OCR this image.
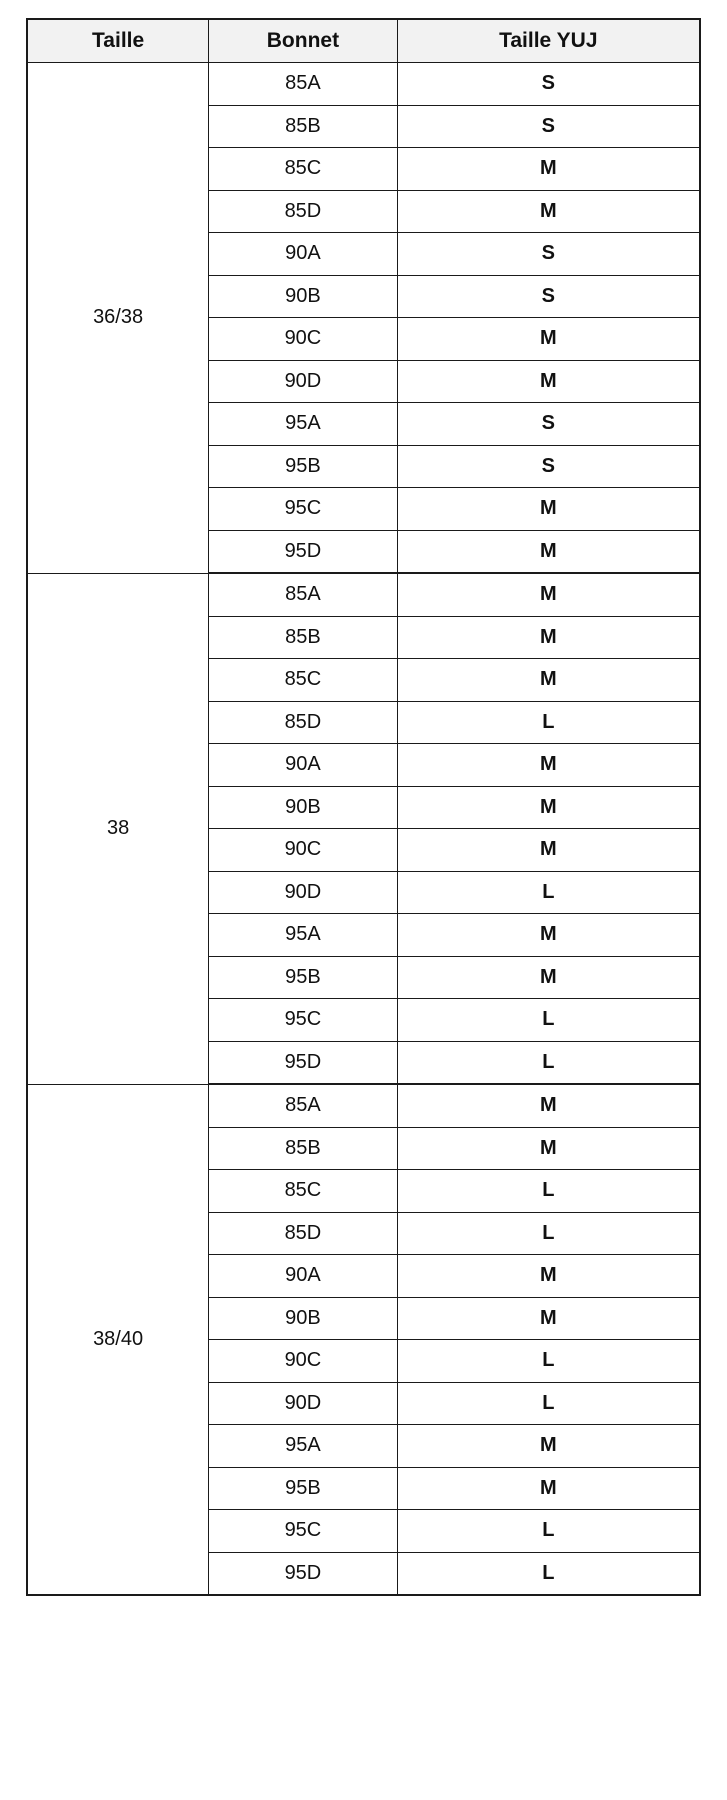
Taille	Bonnet	Taille YUJ
36/38	85A	S
	85B	S
	85C	M
	85D	M
	90A	S
	90B	S
	90C	M
	90D	M
	95A	S
	95B	S
	95C	M
	95D	M
38	85A	M
	85B	M
	85C	M
	85D	L
	90A	M
	90B	M
	90C	M
	90D	L
	95A	M
	95B	M
	95C	L
	95D	L
38/40	85A	M
	85B	M
	85C	L
	85D	L
	90A	M
	90B	M
	90C	L
	90D	L
	95A	M
	95B	M
	95C	L
	95D	L
